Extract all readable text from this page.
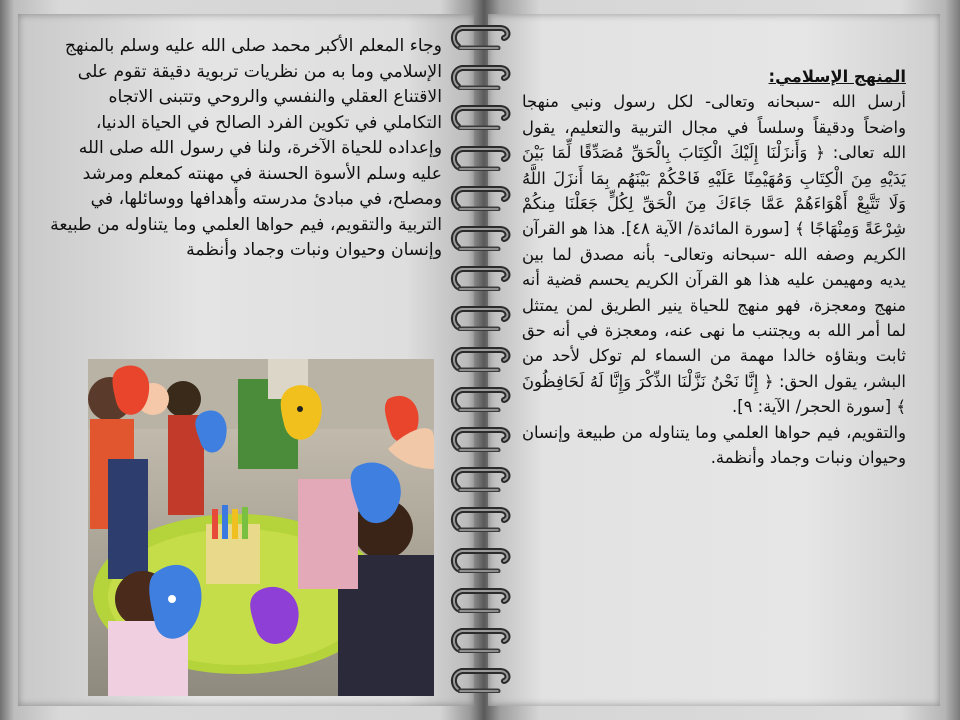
وجاء المعلم الأكبر محمد صلى الله عليه وسلم بالمنهج الإسلامي وما به من نظريات تربوية دقيقة تقوم على الاقتناع العقلي والنفسي والروحي وتتبنى الاتجاه التكاملي في تكوين الفرد الصالح في الحياة الدنيا، وإعداده للحياة الآخرة، ولنا في رسول الله صلى الله عليه وسلم الأسوة الحسنة في مهنته كمعلم ومرشد ومصلح، في مبادئ مدرسته وأهدافها ووسائلها، في التربية والتقويم، فيم حواها العلمي وما يتناوله من طبيعة وإنسان وحيوان ونبات وجماد وأنظمة

المنهج الإسلامي:

أرسل الله -سبحانه وتعالى- لكل رسول ونبي منهجا واضحاً ودقيقاً وسلساً في مجال التربية والتعليم، يقول الله تعالى: ﴿ وَأَنزَلْنَا إِلَيْكَ الْكِتَابَ بِالْحَقِّ مُصَدِّقًا لِّمَا بَيْنَ يَدَيْهِ مِنَ الْكِتَابِ وَمُهَيْمِنًا عَلَيْهِ فَاحْكُمْ بَيْنَهُم بِمَا أَنزَلَ اللَّهُ وَلَا تَتَّبِعْ أَهْوَاءَهُمْ عَمَّا جَاءَكَ مِنَ الْحَقِّ لِكُلٍّ جَعَلْنَا مِنكُمْ شِرْعَةً وَمِنْهَاجًا ﴾ [سورة المائدة/ الآية ٤٨]. هذا هو القرآن الكريم وصفه الله -سبحانه وتعالى- بأنه مصدق لما بين يديه ومهيمن عليه هذا هو القرآن الكريم يحسم قضية أنه منهج ومعجزة، فهو منهج للحياة ينير الطريق لمن يمتثل لما أمر الله به ويجتنب ما نهى عنه، ومعجزة في أنه حق ثابت وبقاؤه خالدا مهمة من السماء لم توكل لأحد من البشر، يقول الحق: ﴿ إِنَّا نَحْنُ نَزَّلْنَا الذِّكْرَ وَإِنَّا لَهُ لَحَافِظُونَ ﴾ [سورة الحجر/ الآية: ٩].

والتقويم، فيم حواها العلمي وما يتناوله من طبيعة وإنسان وحيوان ونبات وجماد وأنظمة.
